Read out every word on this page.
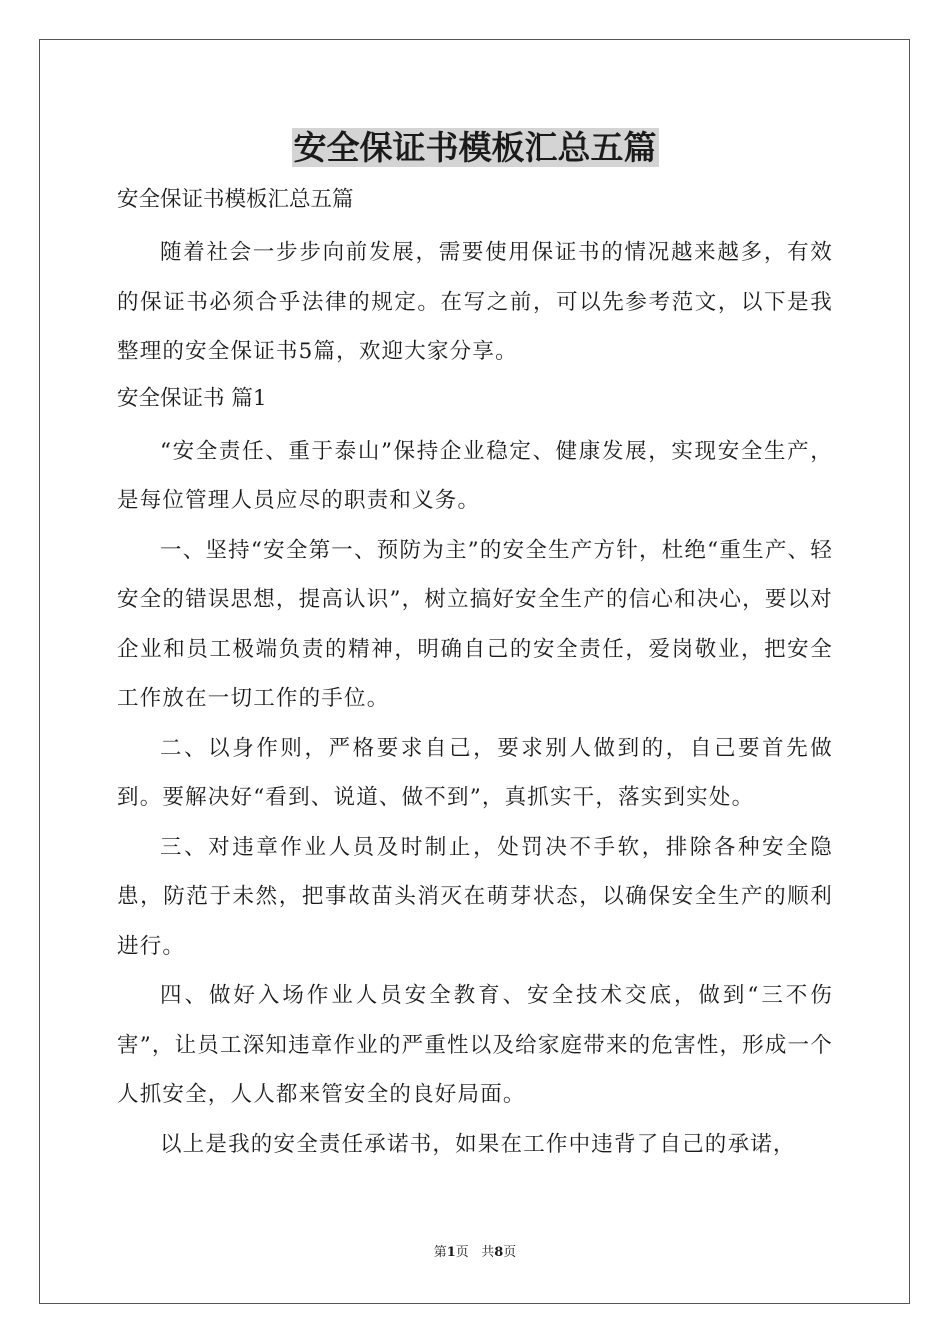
安全保证书模板汇总五篇

安全保证书模板汇总五篇

随着社会一步步向前发展，需要使用保证书的情况越来越多，有效的保证书必须合乎法律的规定。在写之前，可以先参考范文，以下是我整理的安全保证书5篇，欢迎大家分享。

安全保证书 篇1

“安全责任、重于泰山”保持企业稳定、健康发展，实现安全生产，是每位管理人员应尽的职责和义务。

一、坚持“安全第一、预防为主”的安全生产方针，杜绝“重生产、轻安全的错误思想，提高认识”，树立搞好安全生产的信心和决心，要以对企业和员工极端负责的精神，明确自己的安全责任，爱岗敬业，把安全工作放在一切工作的手位。

二、以身作则，严格要求自己，要求别人做到的，自己要首先做到。要解决好“看到、说道、做不到”，真抓实干，落实到实处。

三、对违章作业人员及时制止，处罚决不手软，排除各种安全隐患，防范于未然，把事故苗头消灭在萌芽状态，以确保安全生产的顺利进行。

四、做好入场作业人员安全教育、安全技术交底，做到“三不伤害”，让员工深知违章作业的严重性以及给家庭带来的危害性，形成一个人抓安全，人人都来管安全的良好局面。

以上是我的安全责任承诺书，如果在工作中违背了自己的承诺，

第1页 共8页
